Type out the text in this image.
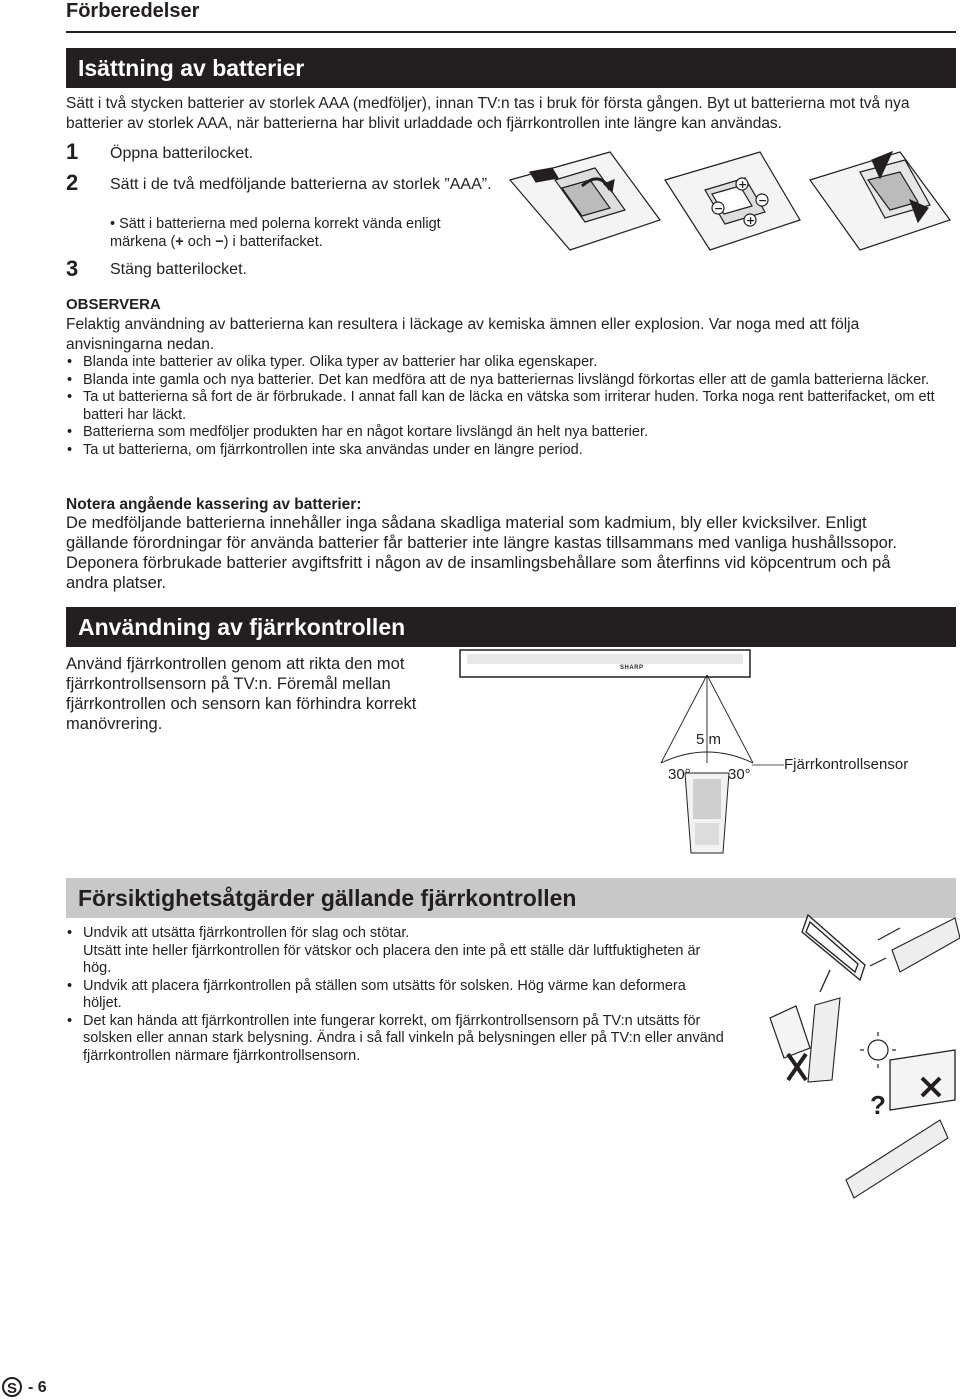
Förberedelser
Isättning av batterier
Sätt i två stycken batterier av storlek AAA (medföljer), innan TV:n tas i bruk för första gången. Byt ut batterierna mot två nya batterier av storlek AAA, när batterierna har blivit urladdade och fjärrkontrollen inte längre kan användas.
1 Öppna batterilocket.
2 Sätt i de två medföljande batterierna av storlek ”AAA”.
• Sätt i batterierna med polerna korrekt vända enligt märkena (+ och −) i batterifacket.
3 Stäng batterilocket.
+
−
−
+
OBSERVERA
Felaktig användning av batterierna kan resultera i läckage av kemiska ämnen eller explosion. Var noga med att följa anvisningarna nedan.
• Blanda inte batterier av olika typer. Olika typer av batterier har olika egenskaper.
• Blanda inte gamla och nya batterier. Det kan medföra att de nya batteriernas livslängd förkortas eller att de gamla batterierna läcker.
• Ta ut batterierna så fort de är förbrukade. I annat fall kan de läcka en vätska som irriterar huden. Torka noga rent batterifacket, om ett batteri har läckt.
• Batterierna som medföljer produkten har en något kortare livslängd än helt nya batterier.
• Ta ut batterierna, om fjärrkontrollen inte ska användas under en längre period.
Notera angående kassering av batterier:
De medföljande batterierna innehåller inga sådana skadliga material som kadmium, bly eller kvicksilver. Enligt gällande förordningar för använda batterier får batterier inte längre kastas tillsammans med vanliga hushållssopor. Deponera förbrukade batterier avgiftsfritt i någon av de insamlingsbehållare som återfinns vid köpcentrum och på andra platser.
Användning av fjärrkontrollen
Använd fjärrkontrollen genom att rikta den mot fjärrkontrollsensorn på TV:n. Föremål mellan fjärrkontrollen och sensorn kan förhindra korrekt manövrering.
SHARP
5 m
30° 30°
Fjärrkontrollsensor
Försiktighetsåtgärder gällande fjärrkontrollen
• Undvik att utsätta fjärrkontrollen för slag och stötar.
Utsätt inte heller fjärrkontrollen för vätskor och placera den inte på ett ställe där luftfuktigheten är hög.
• Undvik att placera fjärrkontrollen på ställen som utsätts för solsken. Hög värme kan deformera höljet.
• Det kan hända att fjärrkontrollen inte fungerar korrekt, om fjärrkontrollsensorn på TV:n utsätts för solsken eller annan stark belysning. Ändra i så fall vinkeln på belysningen eller på TV:n eller använd fjärrkontrollen närmare fjärrkontrollsensorn.
?
S - 6
